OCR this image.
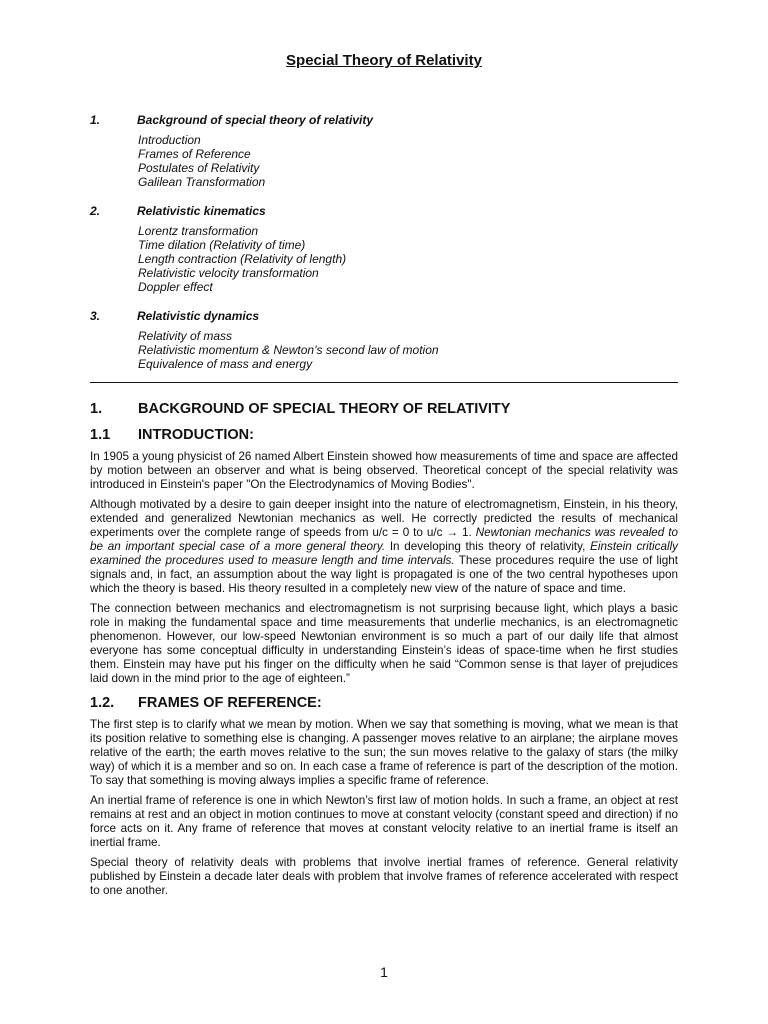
Special Theory of Relativity
1.	Background of special theory of relativity
Introduction
Frames of Reference
Postulates of Relativity
Galilean Transformation
2.	Relativistic kinematics
Lorentz transformation
Time dilation (Relativity of time)
Length contraction (Relativity of length)
Relativistic velocity transformation
Doppler effect
3.	Relativistic dynamics
Relativity of mass
Relativistic momentum & Newton’s second law of motion
Equivalence of mass and energy
1.	BACKGROUND OF SPECIAL THEORY OF RELATIVITY
1.1	INTRODUCTION:

In 1905 a young physicist of 26 named Albert Einstein showed how measurements of time and space are affected by motion between an observer and what is being observed. Theoretical concept of the special relativity was introduced in Einstein's paper "On the Electrodynamics of Moving Bodies".

Although motivated by a desire to gain deeper insight into the nature of electromagnetism, Einstein, in his theory, extended and generalized Newtonian mechanics as well. He correctly predicted the results of mechanical experiments over the complete range of speeds from u/c = 0 to u/c → 1. Newtonian mechanics was revealed to be an important special case of a more general theory. In developing this theory of relativity, Einstein critically examined the procedures used to measure length and time intervals. These procedures require the use of light signals and, in fact, an assumption about the way light is propagated is one of the two central hypotheses upon which the theory is based. His theory resulted in a completely new view of the nature of space and time.

The connection between mechanics and electromagnetism is not surprising because light, which plays a basic role in making the fundamental space and time measurements that underlie mechanics, is an electromagnetic phenomenon. However, our low-speed Newtonian environment is so much a part of our daily life that almost everyone has some conceptual difficulty in understanding Einstein’s ideas of space-time when he first studies them. Einstein may have put his finger on the difficulty when he said “Common sense is that layer of prejudices laid down in the mind prior to the age of eighteen.”

1.2.	FRAMES OF REFERENCE:

The first step is to clarify what we mean by motion. When we say that something is moving, what we mean is that its position relative to something else is changing. A passenger moves relative to an airplane; the airplane moves relative of the earth; the earth moves relative to the sun; the sun moves relative to the galaxy of stars (the milky way) of which it is a member and so on. In each case a frame of reference is part of the description of the motion. To say that something is moving always implies a specific frame of reference.

An inertial frame of reference is one in which Newton’s first law of motion holds. In such a frame, an object at rest remains at rest and an object in motion continues to move at constant velocity (constant speed and direction) if no force acts on it. Any frame of reference that moves at constant velocity relative to an inertial frame is itself an inertial frame.

Special theory of relativity deals with problems that involve inertial frames of reference. General relativity published by Einstein a decade later deals with problem that involve frames of reference accelerated with respect to one another.

1
